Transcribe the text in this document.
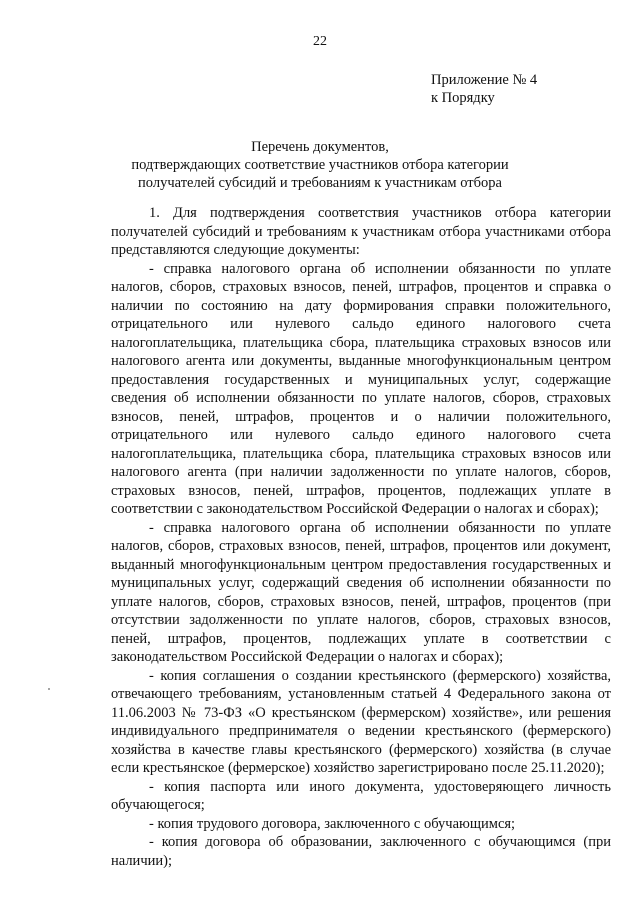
22
Приложение № 4
к Порядку
Перечень документов,
подтверждающих соответствие участников отбора категории
получателей субсидий и требованиям к участникам отбора

1. Для подтверждения соответствия участников отбора категории получателей субсидий и требованиям к участникам отбора участниками отбора представляются следующие документы:

- справка налогового органа об исполнении обязанности по уплате налогов, сборов, страховых взносов, пеней, штрафов, процентов и справка о наличии по состоянию на дату формирования справки положительного, отрицательного или нулевого сальдо единого налогового счета налогоплательщика, плательщика сбора, плательщика страховых взносов или налогового агента или документы, выданные многофункциональным центром предоставления государственных и муниципальных услуг, содержащие сведения об исполнении обязанности по уплате налогов, сборов, страховых взносов, пеней, штрафов, процентов и о наличии положительного, отрицательного или нулевого сальдо единого налогового счета налогоплательщика, плательщика сбора, плательщика страховых взносов или налогового агента (при наличии задолженности по уплате налогов, сборов, страховых взносов, пеней, штрафов, процентов, подлежащих уплате в соответствии с законодательством Российской Федерации о налогах и сборах);

- справка налогового органа об исполнении обязанности по уплате налогов, сборов, страховых взносов, пеней, штрафов, процентов или документ, выданный многофункциональным центром предоставления государственных и муниципальных услуг, содержащий сведения об исполнении обязанности по уплате налогов, сборов, страховых взносов, пеней, штрафов, процентов (при отсутствии задолженности по уплате налогов, сборов, страховых взносов, пеней, штрафов, процентов, подлежащих уплате в соответствии с законодательством Российской Федерации о налогах и сборах);

- копия соглашения о создании крестьянского (фермерского) хозяйства, отвечающего требованиям, установленным статьей 4 Федерального закона от 11.06.2003 № 73-ФЗ «О крестьянском (фермерском) хозяйстве», или решения индивидуального предпринимателя о ведении крестьянского (фермерского) хозяйства в качестве главы крестьянского (фермерского) хозяйства (в случае если крестьянское (фермерское) хозяйство зарегистрировано после 25.11.2020);

- копия паспорта или иного документа, удостоверяющего личность обучающегося;

- копия трудового договора, заключенного с обучающимся;

- копия договора об образовании, заключенного с обучающимся (при наличии);
